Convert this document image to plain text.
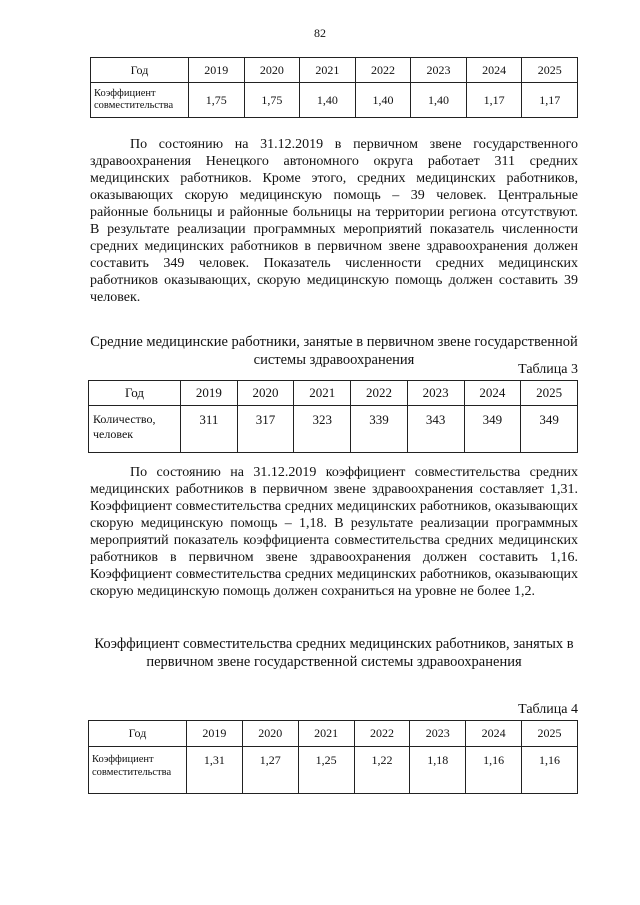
82
Год	2019	2020	2021	2022	2023	2024	2025
Коэффициент совместительства	1,75	1,75	1,40	1,40	1,40	1,17	1,17
По состоянию на 31.12.2019 в первичном звене государственного здравоохранения Ненецкого автономного округа работает 311 средних медицинских работников. Кроме этого, средних медицинских работников, оказывающих скорую медицинскую помощь – 39 человек. Центральные районные больницы и районные больницы на территории региона отсутствуют. В результате реализации программных мероприятий показатель численности средних медицинских работников в первичном звене здравоохранения должен составить 349 человек. Показатель численности средних медицинских работников оказывающих, скорую медицинскую помощь должен составить 39 человек.
Средние медицинские работники, занятые в первичном звене государственной системы здравоохранения
Таблица 3
Год	2019	2020	2021	2022	2023	2024	2025
Количество, человек	311	317	323	339	343	349	349
По состоянию на 31.12.2019 коэффициент совместительства средних медицинских работников в первичном звене здравоохранения составляет 1,31. Коэффициент совместительства средних медицинских работников, оказывающих скорую медицинскую помощь – 1,18. В результате реализации программных мероприятий показатель коэффициента совместительства средних медицинских работников в первичном звене здравоохранения должен составить 1,16. Коэффициент совместительства средних медицинских работников, оказывающих скорую медицинскую помощь должен сохраниться на уровне не более 1,2.
Коэффициент совместительства средних медицинских работников, занятых в первичном звене государственной системы здравоохранения
Таблица 4
Год	2019	2020	2021	2022	2023	2024	2025
Коэффициент совместительства	1,31	1,27	1,25	1,22	1,18	1,16	1,16
